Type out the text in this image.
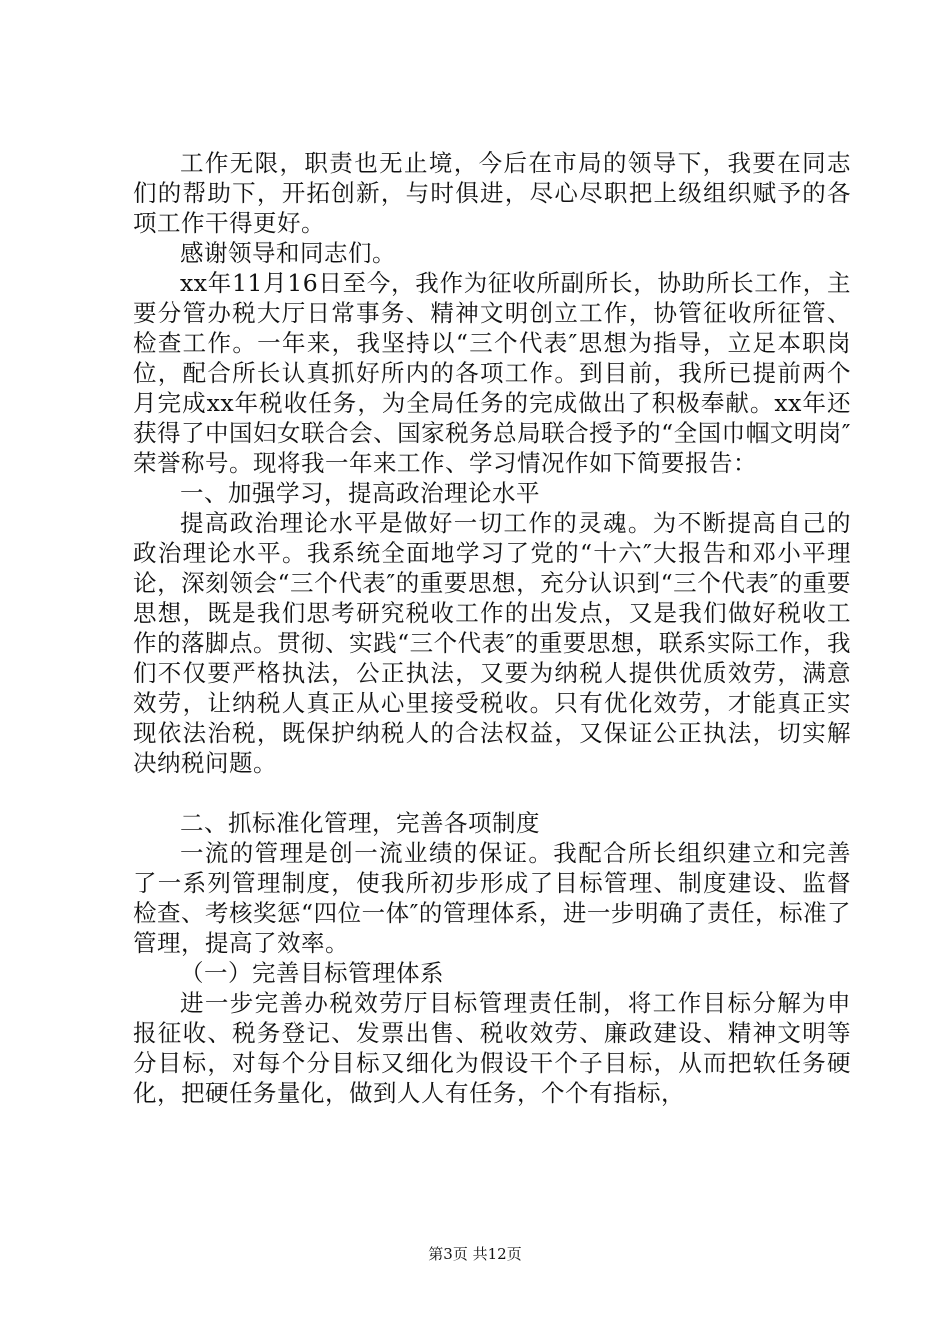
工作无限，职责也无止境，今后在市局的领导下，我要在同志们的帮助下，开拓创新，与时俱进，尽心尽职把上级组织赋予的各项工作干得更好。

感谢领导和同志们。

xx年11月16日至今，我作为征收所副所长，协助所长工作，主要分管办税大厅日常事务、精神文明创立工作，协管征收所征管、检查工作。一年来，我坚持以“三个代表″思想为指导，立足本职岗位，配合所长认真抓好所内的各项工作。到目前，我所已提前两个月完成xx年税收任务，为全局任务的完成做出了积极奉献。xx年还获得了中国妇女联合会、国家税务总局联合授予的“全国巾帼文明岗″荣誉称号。现将我一年来工作、学习情况作如下简要报告：

一、加强学习，提高政治理论水平

提高政治理论水平是做好一切工作的灵魂。为不断提高自己的政治理论水平。我系统全面地学习了党的“十六″大报告和邓小平理论，深刻领会“三个代表″的重要思想，充分认识到“三个代表″的重要思想，既是我们思考研究税收工作的出发点，又是我们做好税收工作的落脚点。贯彻、实践“三个代表″的重要思想，联系实际工作，我们不仅要严格执法，公正执法，又要为纳税人提供优质效劳，满意效劳，让纳税人真正从心里接受税收。只有优化效劳，才能真正实现依法治税，既保护纳税人的合法权益，又保证公正执法，切实解决纳税问题。

二、抓标准化管理，完善各项制度

一流的管理是创一流业绩的保证。我配合所长组织建立和完善了一系列管理制度，使我所初步形成了目标管理、制度建设、监督检查、考核奖惩“四位一体″的管理体系，进一步明确了责任，标准了管理，提高了效率。

（一）完善目标管理体系

进一步完善办税效劳厅目标管理责任制，将工作目标分解为申报征收、税务登记、发票出售、税收效劳、廉政建设、精神文明等分目标，对每个分目标又细化为假设干个子目标，从而把软任务硬化，把硬任务量化，做到人人有任务，个个有指标，

第3页 共12页
